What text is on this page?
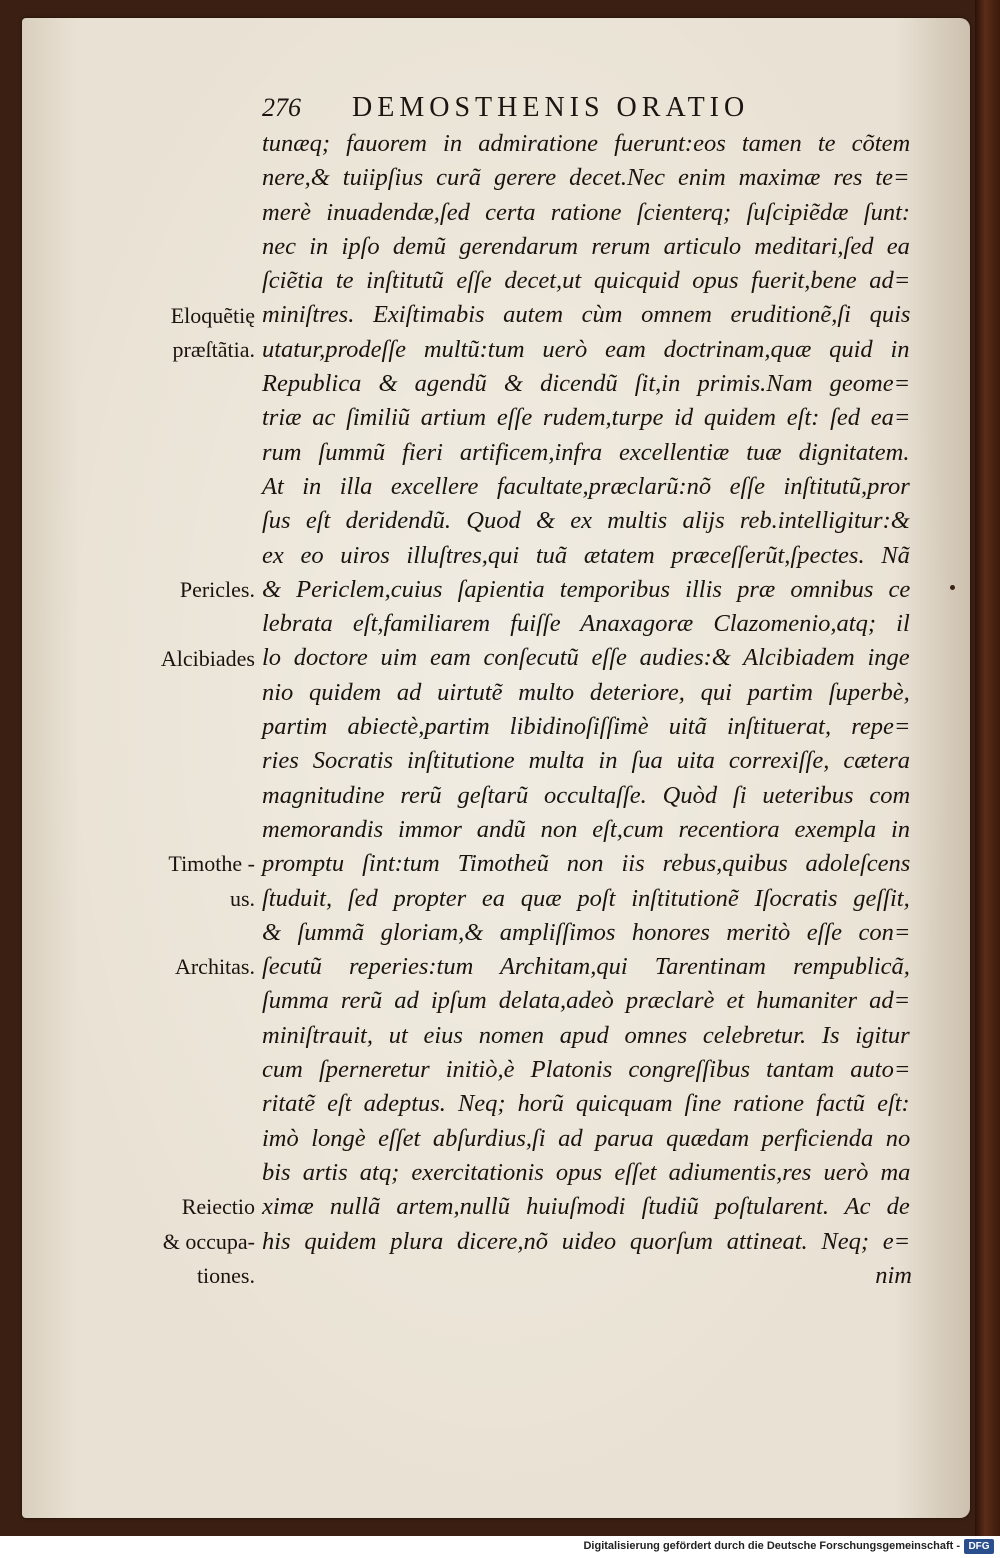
276	DEMOSTHENIS ORATIO
tunæq; fauorem in admiratione fuerunt:eos tamen te cõtem
nere,& tuiipſius curã gerere decet.Nec enim maximæ res te=
merè inuadendæ,ſed certa ratione ſcienterq; ſuſcipiẽdæ ſunt:
nec in ipſo demũ gerendarum rerum articulo meditari,ſed ea
ſciẽtia te inſtitutũ eſſe decet,ut quicquid opus fuerit,bene ad=
miniſtres. Exiſtimabis autem cùm omnem eruditionẽ,ſi quis
utatur,prodeſſe multũ:tum uerò eam doctrinam,quæ quid in
Republica & agendũ & dicendũ ſit,in primis.Nam geome=
triæ ac ſimiliũ artium eſſe rudem,turpe id quidem eſt: ſed ea=
rum ſummũ fieri artificem,infra excellentiæ tuæ dignitatem.
At in illa excellere facultate,præclarũ:nõ eſſe inſtitutũ,pror
ſus eſt deridendũ. Quod & ex multis alijs reb.intelligitur:&
ex eo uiros illuſtres,qui tuã ætatem præceſſerũt,ſpectes. Nã
& Periclem,cuius ſapientia temporibus illis præ omnibus ce
lebrata eſt,familiarem fuiſſe Anaxagoræ Clazomenio,atq; il
lo doctore uim eam conſecutũ eſſe audies:& Alcibiadem inge
nio quidem ad uirtutẽ multo deteriore, qui partim ſuperbè,
partim abiectè,partim libidinoſiſſimè uitã inſtituerat, repe=
ries Socratis inſtitutione multa in ſua uita correxiſſe, cætera
magnitudine rerũ geſtarũ occultaſſe. Quòd ſi ueteribus com
memorandis immor andũ non eſt,cum recentiora exempla in
promptu ſint:tum Timotheũ non iis rebus,quibus adoleſcens
ſtuduit, ſed propter ea quæ poſt inſtitutionẽ Iſocratis geſſit,
& ſummã gloriam,& ampliſſimos honores meritò eſſe con=
ſecutũ reperies:tum Architam,qui Tarentinam rempublicã,
ſumma rerũ ad ipſum delata,adeò præclarè et humaniter ad=
miniſtrauit, ut eius nomen apud omnes celebretur. Is igitur
cum ſperneretur initiò,è Platonis congreſſibus tantam auto=
ritatẽ eſt adeptus. Neq; horũ quicquam ſine ratione factũ eſt:
imò longè eſſet abſurdius,ſi ad parua quædam perficienda no
bis artis atq; exercitationis opus eſſet adiumentis,res uerò ma
ximæ nullã artem,nullũ huiuſmodi ſtudiũ poſtularent. Ac de
his quidem plura dicere,nõ uideo quorſum attineat. Neq; e=
nim
Eloquẽtię
præſtãtia.
Pericles.
Alcibiades
Timothe -
us.
Architas.
Reiectio
& occupa-
tiones.
Digitalisierung gefördert durch die Deutsche Forschungsgemeinschaft - DFG
